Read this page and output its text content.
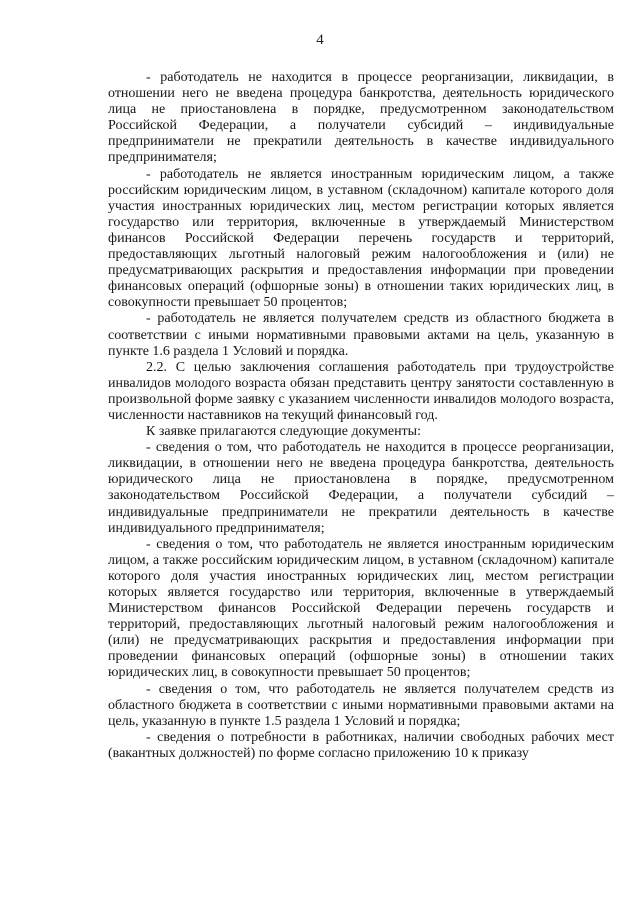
4

- работодатель не находится в процессе реорганизации, ликвидации, в отношении него не введена процедура банкротства, деятельность юридического лица не приостановлена в порядке, предусмотренном законодательством Российской Федерации, а получатели субсидий – индивидуальные предприниматели не прекратили деятельность в качестве индивидуального предпринимателя;

- работодатель не является иностранным юридическим лицом, а также российским юридическим лицом, в уставном (складочном) капитале которого доля участия иностранных юридических лиц, местом регистрации которых является государство или территория, включенные в утверждаемый Министерством финансов Российской Федерации перечень государств и территорий, предоставляющих льготный налоговый режим налогообложения и (или) не предусматривающих раскрытия и предоставления информации при проведении финансовых операций (офшорные зоны) в отношении таких юридических лиц, в совокупности превышает 50 процентов;

- работодатель не является получателем средств из областного бюджета в соответствии с иными нормативными правовыми актами на цель, указанную в пункте 1.6 раздела 1 Условий и порядка.

2.2. С целью заключения соглашения работодатель при трудоустройстве инвалидов молодого возраста обязан представить центру занятости составленную в произвольной форме заявку с указанием численности инвалидов молодого возраста, численности наставников на текущий финансовый год.

К заявке прилагаются следующие документы:

- сведения о том, что работодатель не находится в процессе реорганизации, ликвидации, в отношении него не введена процедура банкротства, деятельность юридического лица не приостановлена в порядке, предусмотренном законодательством Российской Федерации, а получатели субсидий – индивидуальные предприниматели не прекратили деятельность в качестве индивидуального предпринимателя;

- сведения о том, что работодатель не является иностранным юридическим лицом, а также российским юридическим лицом, в уставном (складочном) капитале которого доля участия иностранных юридических лиц, местом регистрации которых является государство или территория, включенные в утверждаемый Министерством финансов Российской Федерации перечень государств и территорий, предоставляющих льготный налоговый режим налогообложения и (или) не предусматривающих раскрытия и предоставления информации при проведении финансовых операций (офшорные зоны) в отношении таких юридических лиц, в совокупности превышает 50 процентов;

- сведения о том, что работодатель не является получателем средств из областного бюджета в соответствии с иными нормативными правовыми актами на цель, указанную в пункте 1.5 раздела 1 Условий и порядка;

- сведения о потребности в работниках, наличии свободных рабочих мест (вакантных должностей) по форме согласно приложению 10 к приказу
